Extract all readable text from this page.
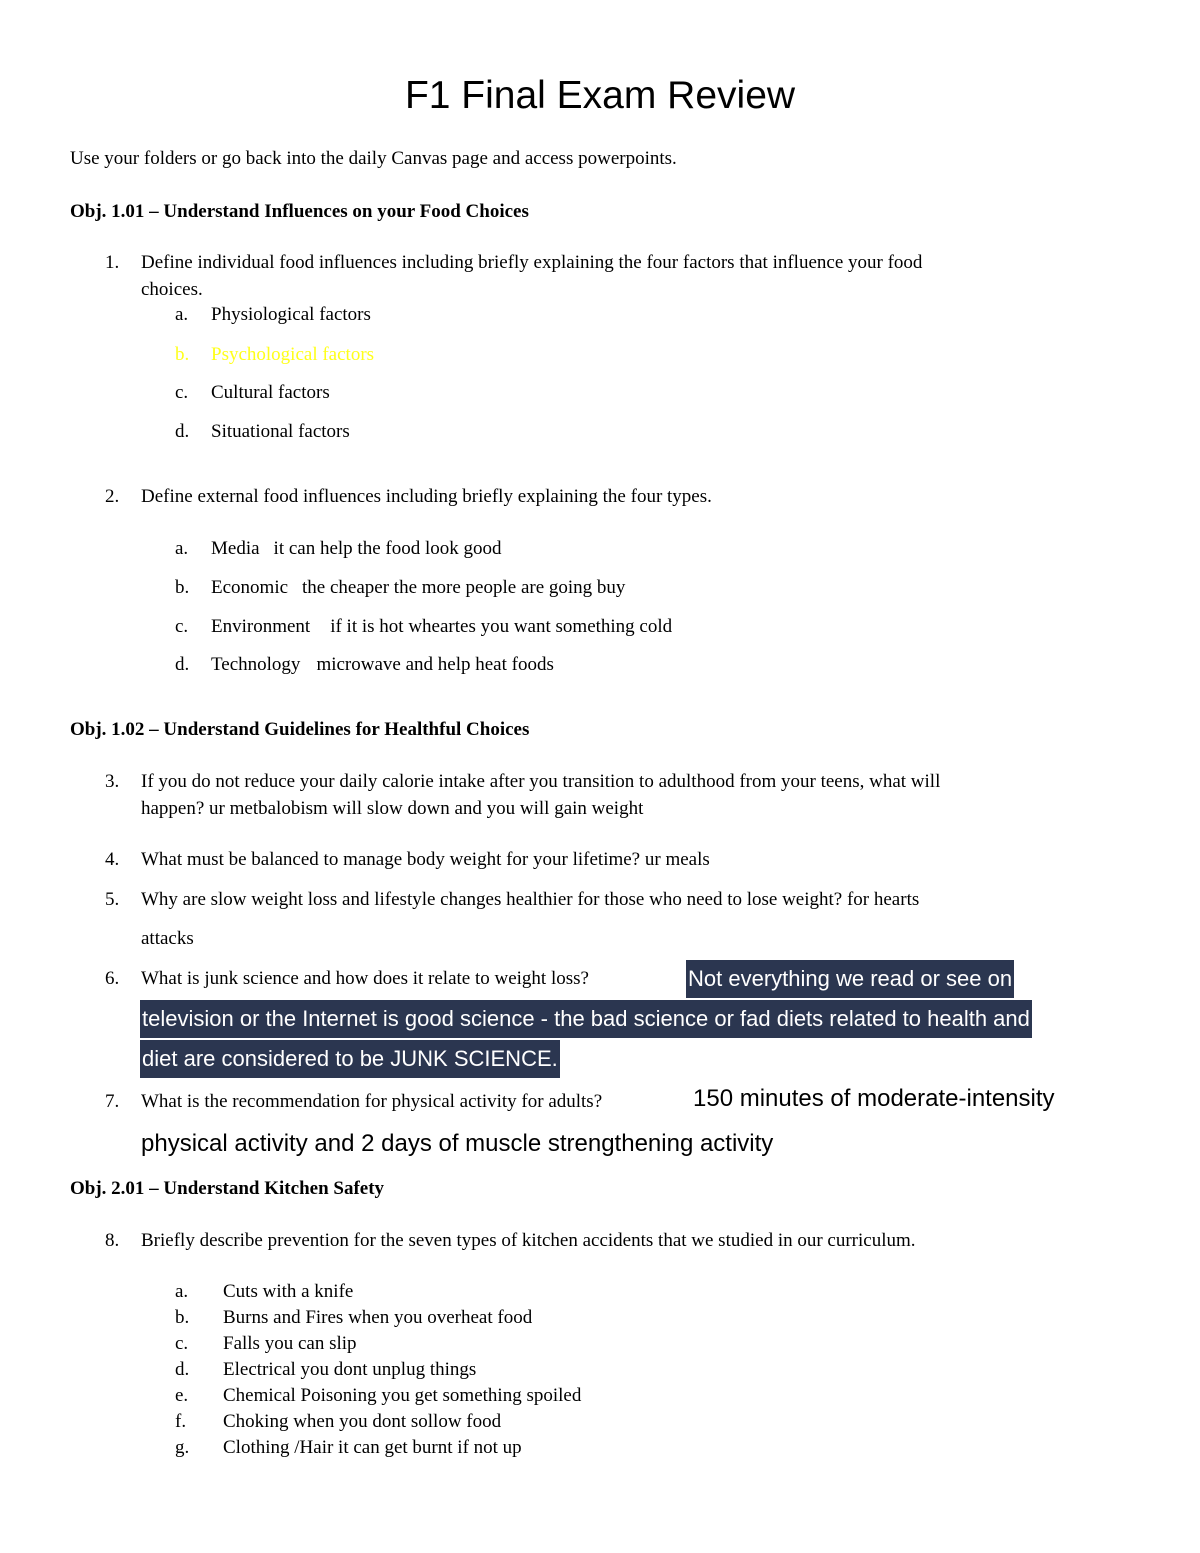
F1 Final Exam Review
Use your folders or go back into the daily Canvas page and access powerpoints.
Obj. 1.01 – Understand Influences on your Food Choices
1. Define individual food influences including briefly explaining the four factors that influence your food
choices.
a. Physiological factors
b. Psychological factors
c. Cultural factors
d. Situational factors
2. Define external food influences including briefly explaining the four types.
a. Media it can help the food look good
b. Economic the cheaper the more people are going buy
c. Environment if it is hot wheartes you want something cold
d. Technology microwave and help heat foods
Obj. 1.02 – Understand Guidelines for Healthful Choices
3. If you do not reduce your daily calorie intake after you transition to adulthood from your teens, what will
happen? ur metbalobism will slow down and you will gain weight
4. What must be balanced to manage body weight for your lifetime? ur meals
5. Why are slow weight loss and lifestyle changes healthier for those who need to lose weight? for hearts
attacks
6. What is junk science and how does it relate to weight loss?	Not everything we read or see on
television or the Internet is good science - the bad science or fad diets related to health and
diet are considered to be JUNK SCIENCE.
7. What is the recommendation for physical activity for adults?	150 minutes of moderate-intensity
physical activity and 2 days of muscle strengthening activity
Obj. 2.01 – Understand Kitchen Safety
8. Briefly describe prevention for the seven types of kitchen accidents that we studied in our curriculum.
a. Cuts with a knife
b. Burns and Fires when you overheat food
c. Falls you can slip
d. Electrical you dont unplug things
e. Chemical Poisoning you get something spoiled
f. Choking when you dont sollow food
g. Clothing /Hair it can get burnt if not up
